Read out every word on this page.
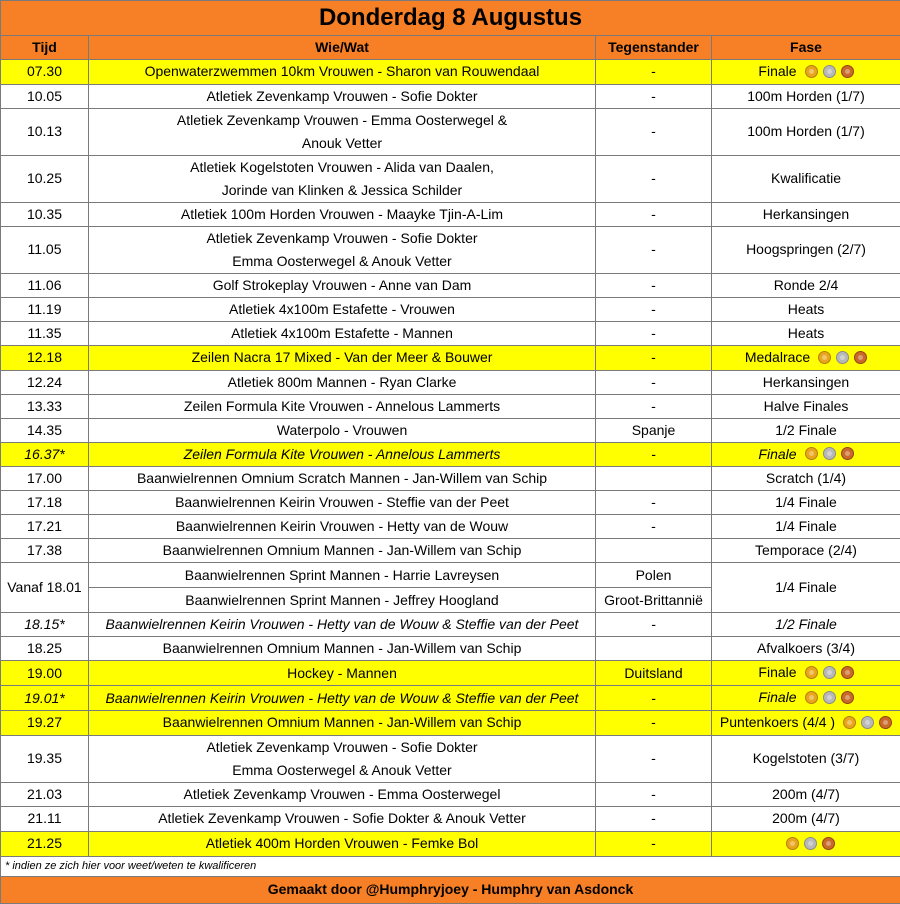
Donderdag 8 Augustus			
Tijd	Wie/Wat	Tegenstander	Fase
07.30	Openwaterzwemmen 10km Vrouwen - Sharon van Rouwendaal	-	Finale
10.05	Atletiek Zevenkamp Vrouwen - Sofie Dokter	-	100m Horden (1/7)
10.13	Atletiek Zevenkamp Vrouwen - Emma Oosterwegel &
Anouk Vetter	-	100m Horden (1/7)
10.25	Atletiek Kogelstoten Vrouwen - Alida van Daalen,
Jorinde van Klinken & Jessica Schilder	-	Kwalificatie
10.35	Atletiek 100m Horden Vrouwen - Maayke Tjin-A-Lim	-	Herkansingen
11.05	Atletiek Zevenkamp Vrouwen - Sofie Dokter
Emma Oosterwegel & Anouk Vetter	-	Hoogspringen (2/7)
11.06	Golf Strokeplay Vrouwen - Anne van Dam	-	Ronde 2/4
11.19	Atletiek 4x100m Estafette - Vrouwen	-	Heats
11.35	Atletiek 4x100m Estafette - Mannen	-	Heats
12.18	Zeilen Nacra 17 Mixed - Van der Meer & Bouwer	-	Medalrace
12.24	Atletiek 800m Mannen - Ryan Clarke	-	Herkansingen
13.33	Zeilen Formula Kite Vrouwen - Annelous Lammerts	-	Halve Finales
14.35	Waterpolo - Vrouwen	Spanje	1/2 Finale
16.37*	Zeilen Formula Kite Vrouwen - Annelous Lammerts	-	Finale
17.00	Baanwielrennen Omnium Scratch Mannen - Jan-Willem van Schip		Scratch (1/4)
17.18	Baanwielrennen Keirin Vrouwen - Steffie van der Peet	-	1/4 Finale
17.21	Baanwielrennen Keirin Vrouwen - Hetty van de Wouw	-	1/4 Finale
17.38	Baanwielrennen Omnium Mannen - Jan-Willem van Schip		Temporace (2/4)
Vanaf 18.01	Baanwielrennen Sprint Mannen - Harrie Lavreysen	Polen	1/4 Finale

	Baanwielrennen Sprint Mannen - Jeffrey Hoogland	Groot-Brittannië	
18.15*	Baanwielrennen Keirin Vrouwen - Hetty van de Wouw & Steffie van der Peet	-	1/2 Finale
18.25	Baanwielrennen Omnium Mannen - Jan-Willem van Schip		Afvalkoers (3/4)
19.00	Hockey - Mannen	Duitsland	Finale
19.01*	Baanwielrennen Keirin Vrouwen - Hetty van de Wouw & Steffie van der Peet	-	Finale
19.27	Baanwielrennen Omnium Mannen - Jan-Willem van Schip	-	Puntenkoers (4/4 )
19.35	Atletiek Zevenkamp Vrouwen - Sofie Dokter
Emma Oosterwegel & Anouk Vetter	-	Kogelstoten (3/7)
21.03	Atletiek Zevenkamp Vrouwen - Emma Oosterwegel	-	200m (4/7)
21.11	Atletiek Zevenkamp Vrouwen - Sofie Dokter & Anouk Vetter	-	200m (4/7)
21.25	Atletiek 400m Horden Vrouwen - Femke Bol	-	
* indien ze zich hier voor weet/weten te kwalificeren			
Gemaakt door @Humphryjoey - Humphry van Asdonck			
